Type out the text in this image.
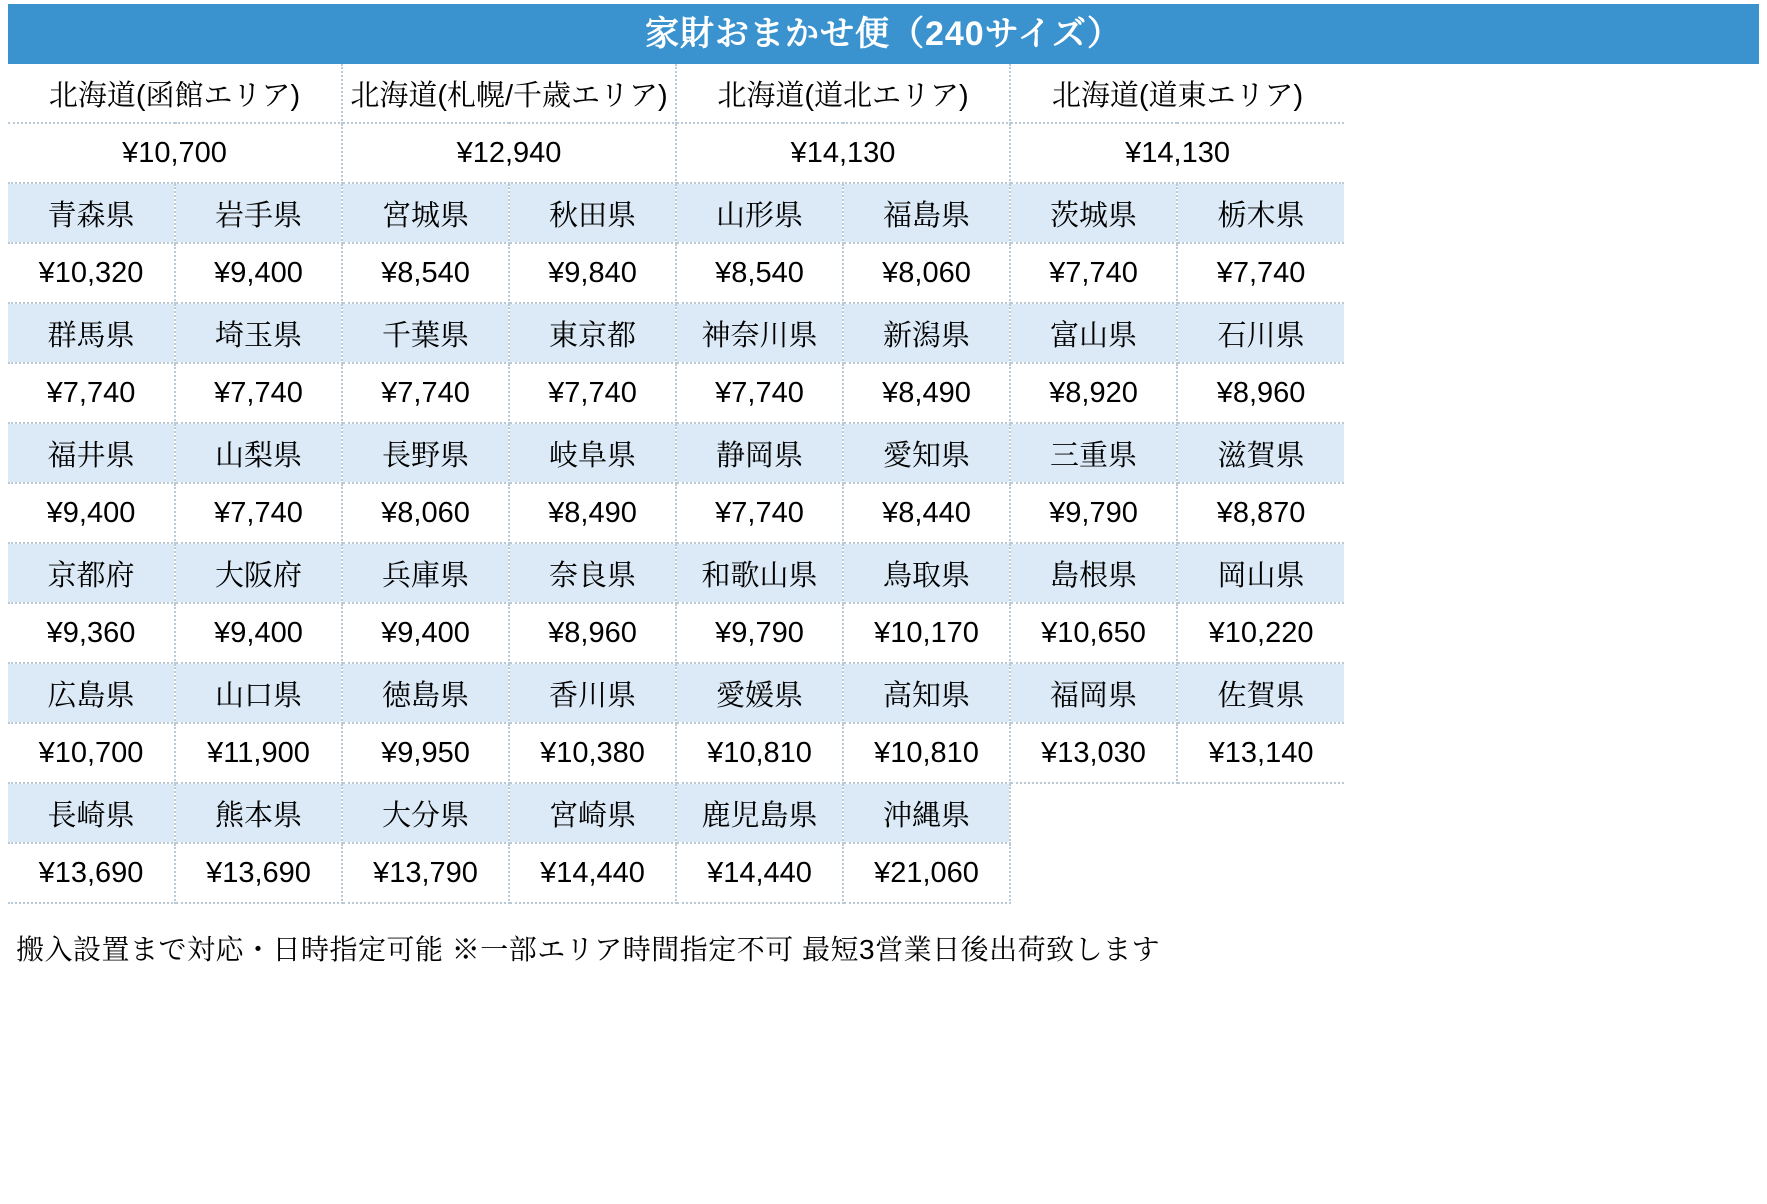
家財おまかせ便（240サイズ）
北海道(函館エリア)		北海道(札幌/千歳エリア)		北海道(道北エリア)		北海道(道東エリア)	
¥10,700		¥12,940		¥14,130		¥14,130	
青森県	岩手県	宮城県	秋田県	山形県	福島県	茨城県	栃木県
¥10,320	¥9,400	¥8,540	¥9,840	¥8,540	¥8,060	¥7,740	¥7,740
群馬県	埼玉県	千葉県	東京都	神奈川県	新潟県	富山県	石川県
¥7,740	¥7,740	¥7,740	¥7,740	¥7,740	¥8,490	¥8,920	¥8,960
福井県	山梨県	長野県	岐阜県	静岡県	愛知県	三重県	滋賀県
¥9,400	¥7,740	¥8,060	¥8,490	¥7,740	¥8,440	¥9,790	¥8,870
京都府	大阪府	兵庫県	奈良県	和歌山県	鳥取県	島根県	岡山県
¥9,360	¥9,400	¥9,400	¥8,960	¥9,790	¥10,170	¥10,650	¥10,220
広島県	山口県	徳島県	香川県	愛媛県	高知県	福岡県	佐賀県
¥10,700	¥11,900	¥9,950	¥10,380	¥10,810	¥10,810	¥13,030	¥13,140
長崎県	熊本県	大分県	宮崎県	鹿児島県	沖縄県		
¥13,690	¥13,690	¥13,790	¥14,440	¥14,440	¥21,060		
搬入設置まで対応・日時指定可能 ※一部エリア時間指定不可 最短3営業日後出荷致します
